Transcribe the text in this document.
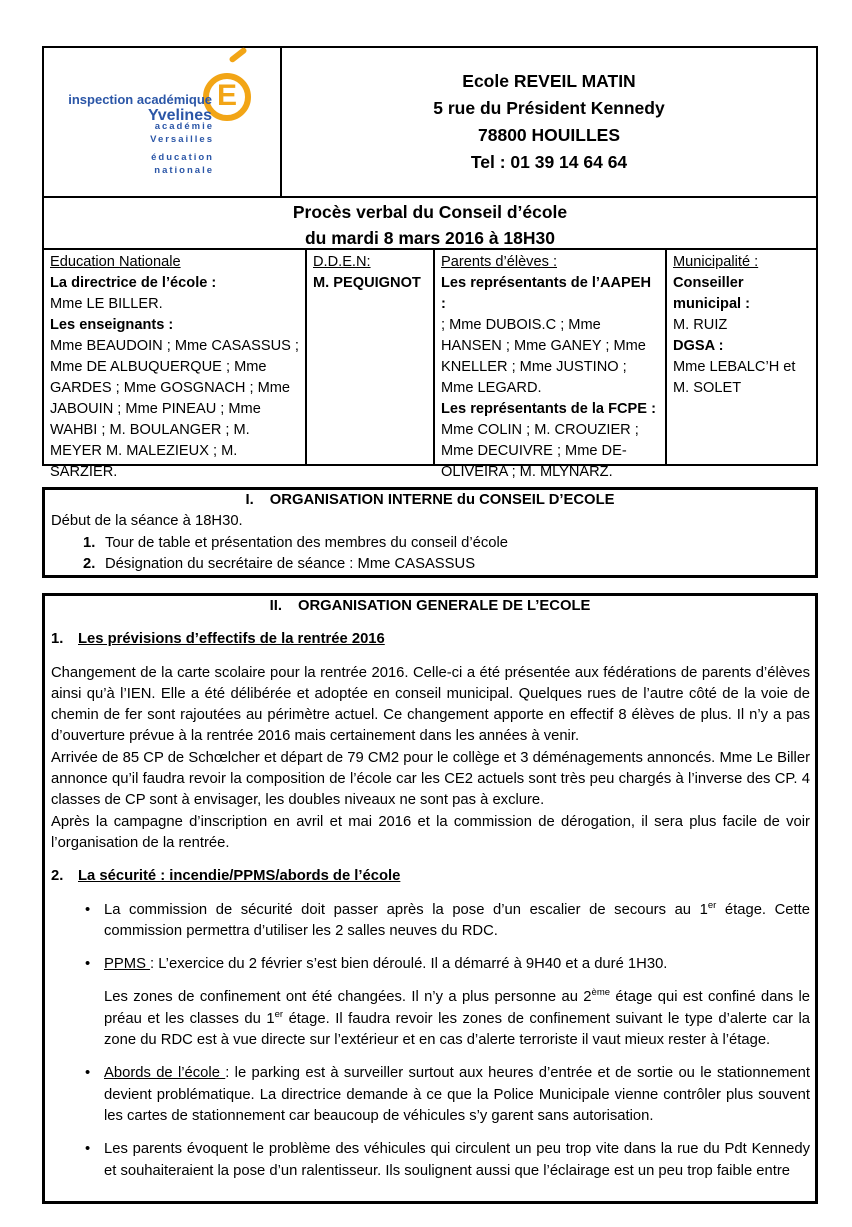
E
inspection académique
Yvelines
académie
Versailles
éducation
nationale
Ecole REVEIL MATIN
5 rue du Président Kennedy
78800 HOUILLES
Tel : 01 39 14 64 64
Procès verbal du Conseil d’école
du mardi 8 mars 2016 à 18H30
Education Nationale
La directrice de l’école :
Mme LE BILLER.
Les enseignants :
Mme BEAUDOIN ; Mme CASASSUS ; Mme DE ALBUQUERQUE ; Mme GARDES ; Mme GOSGNACH ; Mme JABOUIN ; Mme PINEAU ; Mme WAHBI ; M. BOULANGER ; M. MEYER M. MALEZIEUX ; M. SARZIER.
D.D.E.N:
M. PEQUIGNOT
Parents d’élèves :
Les représentants de l’AAPEH :
; Mme DUBOIS.C ; Mme HANSEN ; Mme GANEY ; Mme KNELLER ; Mme JUSTINO ; Mme LEGARD.
Les représentants de la FCPE :
Mme COLIN ; M. CROUZIER ; Mme DECUIVRE ; Mme DE-OLIVEIRA ; M. MLYNARZ.
Municipalité :
Conseiller municipal :
M. RUIZ
DGSA :
Mme LEBALC’H et M. SOLET
I. ORGANISATION INTERNE du CONSEIL D’ECOLE
Début de la séance à 18H30.
1. Tour de table et présentation des membres du conseil d’école
2. Désignation du secrétaire de séance : Mme CASASSUS
II. ORGANISATION GENERALE DE L’ECOLE
1. Les prévisions d’effectifs de la rentrée 2016
Changement de la carte scolaire pour la rentrée 2016. Celle-ci a été présentée aux fédérations de parents d’élèves ainsi qu’à l’IEN. Elle a été délibérée et adoptée en conseil municipal. Quelques rues de l’autre côté de la voie de chemin de fer sont rajoutées au périmètre actuel. Ce changement apporte en effectif 8 élèves de plus. Il n’y a pas d’ouverture prévue à la rentrée 2016 mais certainement dans les années à venir.
Arrivée de 85 CP de Schœlcher et départ de 79 CM2 pour le collège et 3 déménagements annoncés. Mme Le Biller annonce qu’il faudra revoir la composition de l’école car les CE2 actuels sont très peu chargés à l’inverse des CP. 4 classes de CP sont à envisager, les doubles niveaux ne sont pas à exclure.
Après la campagne d’inscription en avril et mai 2016 et la commission de dérogation, il sera plus facile de voir l’organisation de la rentrée.
2. La sécurité : incendie/PPMS/abords de l’école
• La commission de sécurité doit passer après la pose d’un escalier de secours au 1er étage. Cette commission permettra d’utiliser les 2 salles neuves du RDC.
• PPMS : L’exercice du 2 février s’est bien déroulé. Il a démarré à 9H40 et a duré 1H30.
Les zones de confinement ont été changées. Il n’y a plus personne au 2ème étage qui est confiné dans le préau et les classes du 1er étage. Il faudra revoir les zones de confinement suivant le type d’alerte car la zone du RDC est à vue directe sur l’extérieur et en cas d’alerte terroriste il vaut mieux rester à l’étage.
• Abords de l’école : le parking est à surveiller surtout aux heures d’entrée et de sortie ou le stationnement devient problématique. La directrice demande à ce que la Police Municipale vienne contrôler plus souvent les cartes de stationnement car beaucoup de véhicules s’y garent sans autorisation.
• Les parents évoquent le problème des véhicules qui circulent un peu trop vite dans la rue du Pdt Kennedy et souhaiteraient la pose d’un ralentisseur. Ils soulignent aussi que l’éclairage est un peu trop faible entre
